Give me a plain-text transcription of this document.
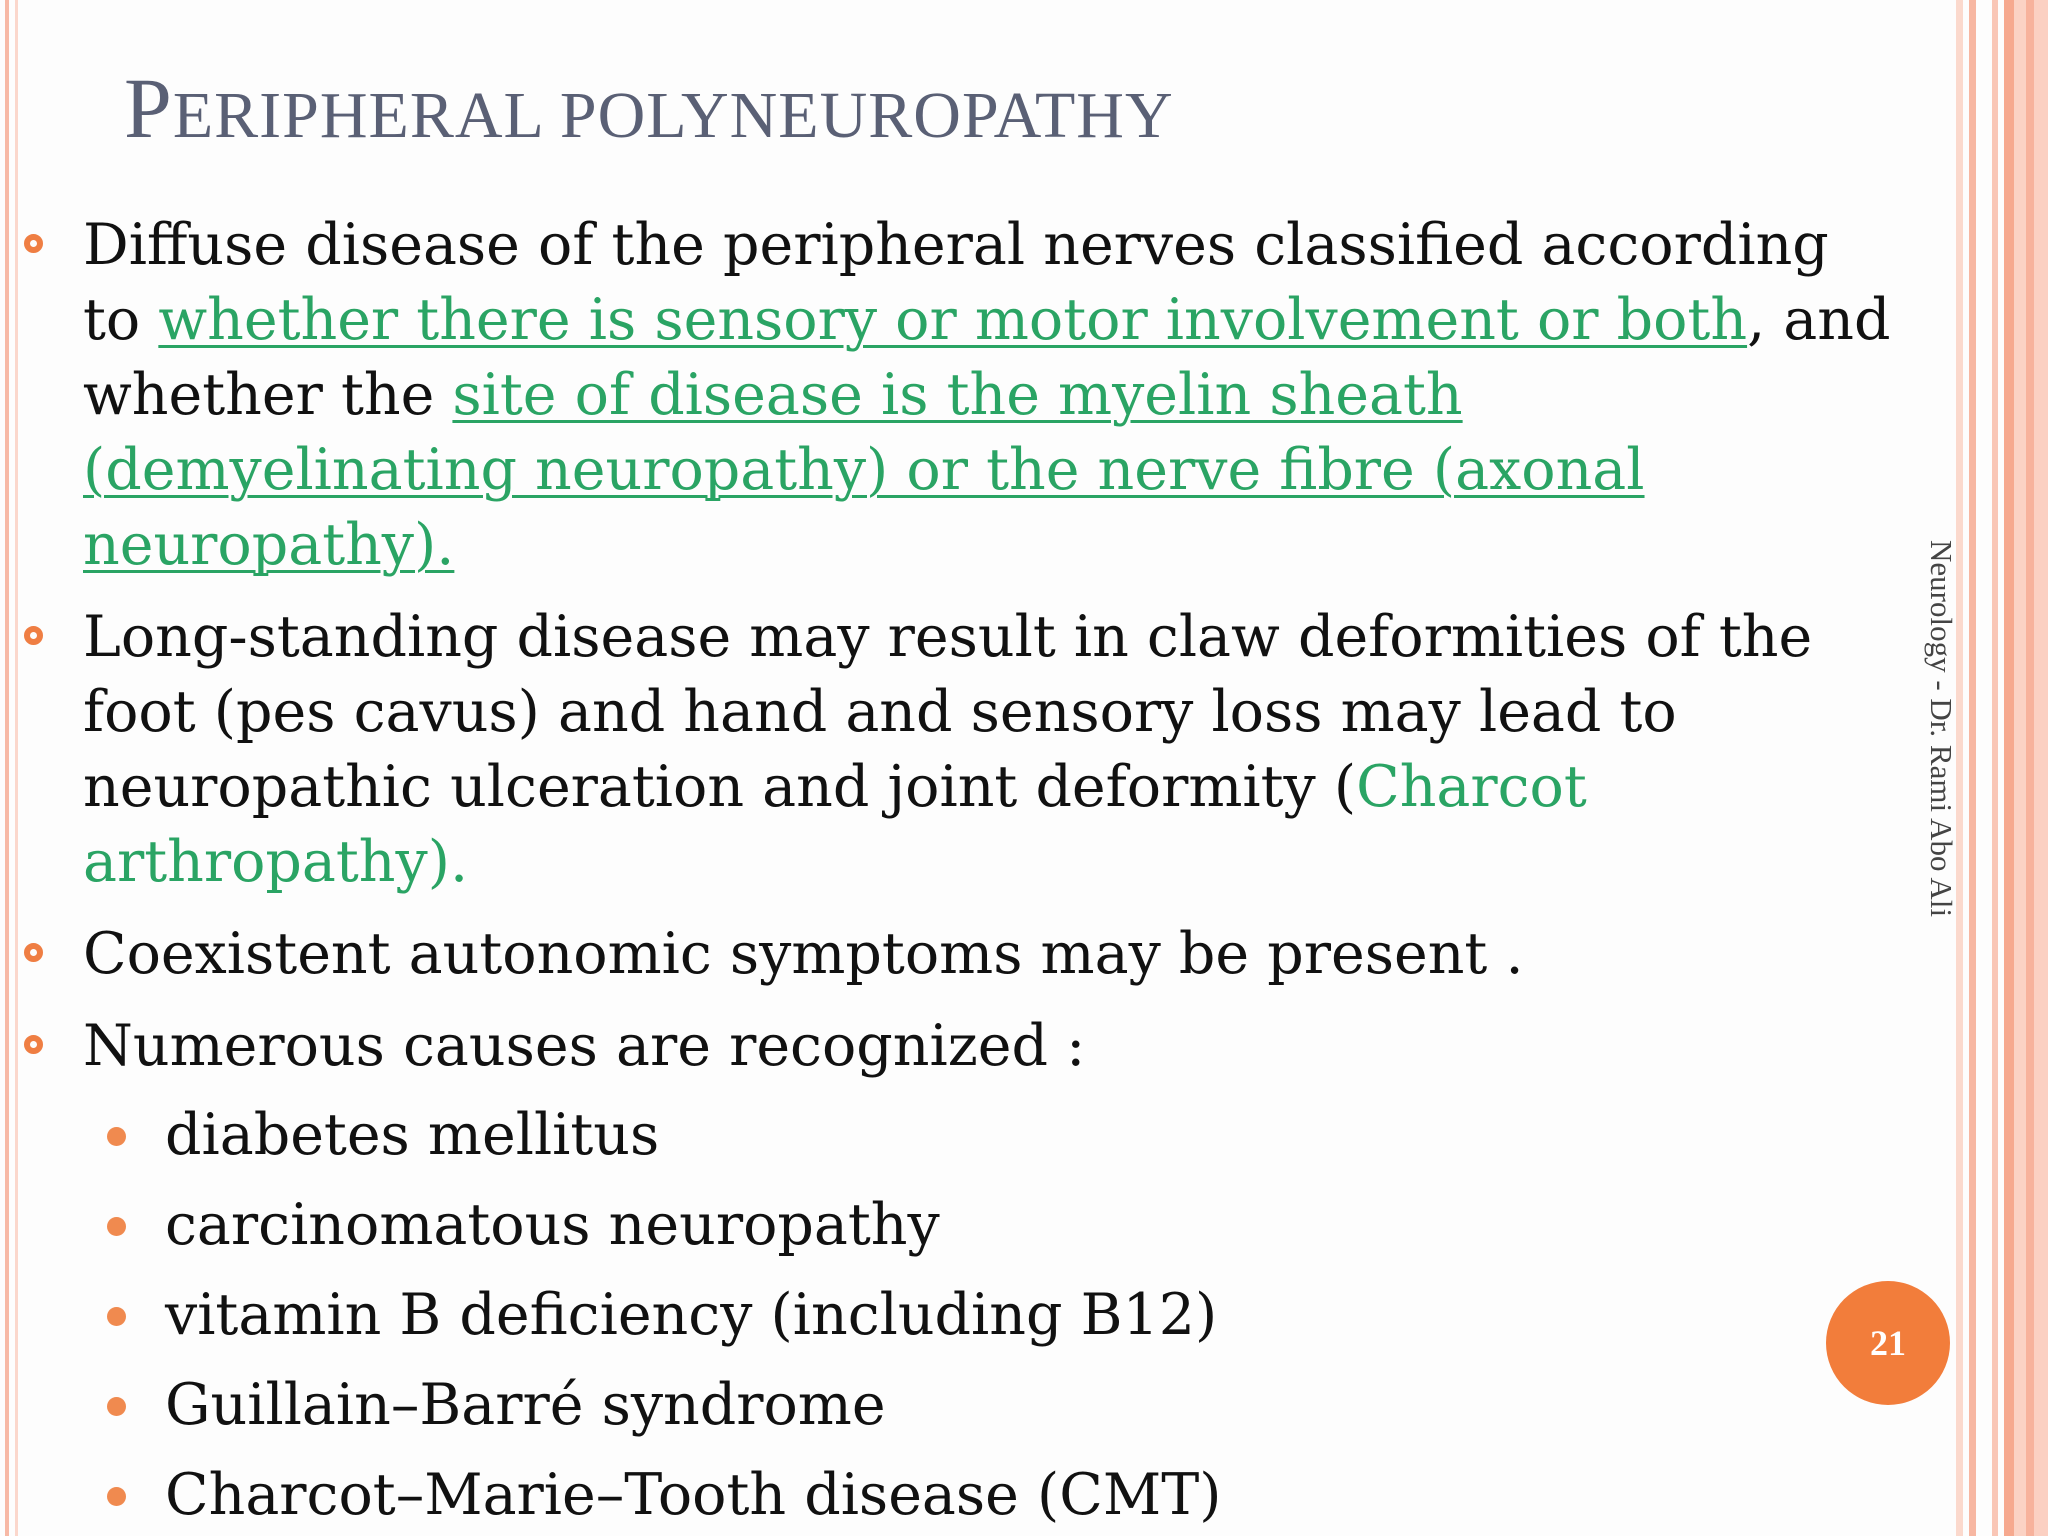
PERIPHERAL POLYNEUROPATHY
Diffuse disease of the peripheral nerves classified according to whether there is sensory or motor involvement or both, and whether the site of disease is the myelin sheath (demyelinating neuropathy) or the nerve fibre (axonal neuropathy).
Long-standing disease may result in claw deformities of the foot (pes cavus) and hand and sensory loss may lead to neuropathic ulceration and joint deformity (Charcot arthropathy).
Coexistent autonomic symptoms may be present .
Numerous causes are recognized :
diabetes mellitus
carcinomatous neuropathy
vitamin B deficiency (including B12)
Guillain–Barré syndrome
Charcot–Marie–Tooth disease (CMT)
Neurology - Dr. Rami Abo Ali
21
